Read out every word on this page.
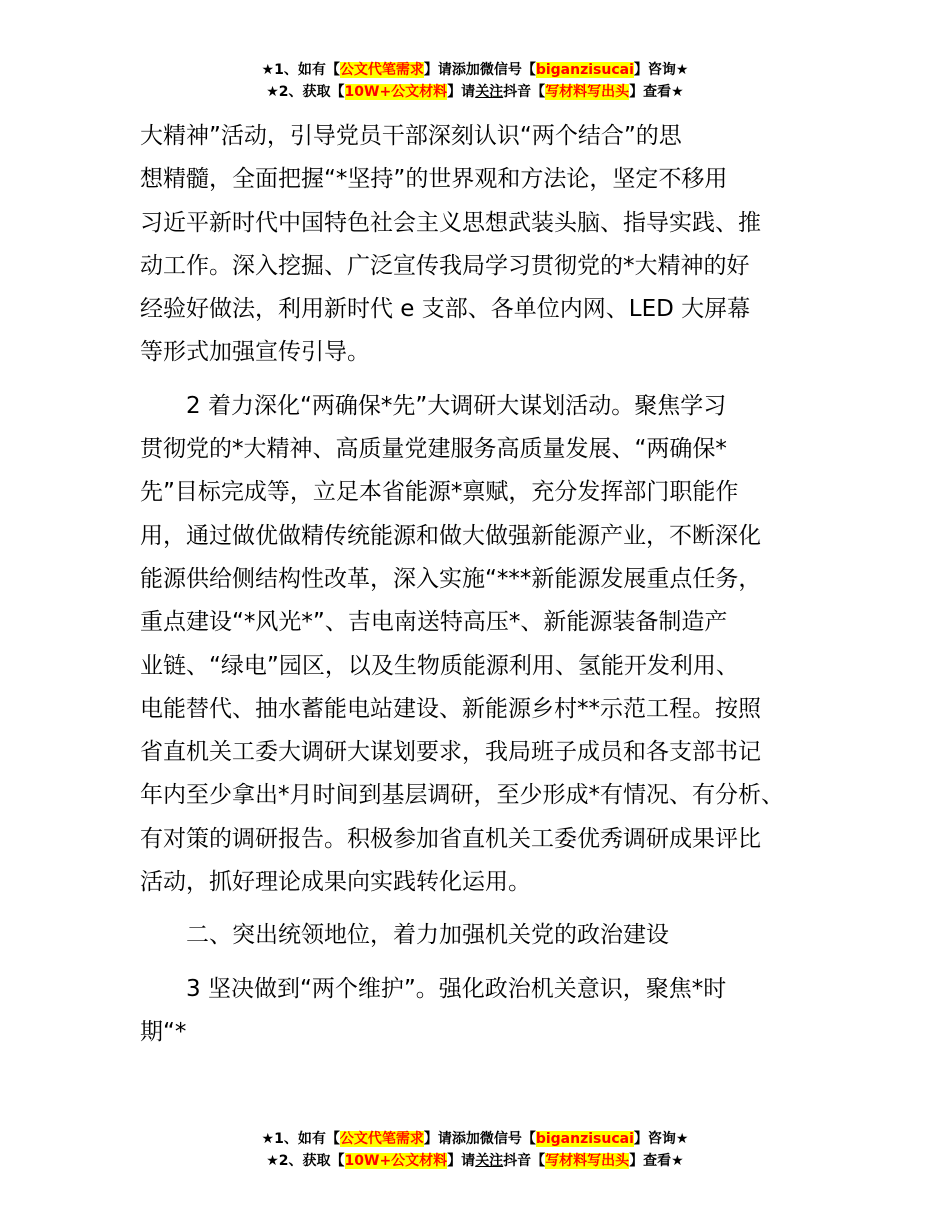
★1、如有【公文代笔需求】请添加微信号【biganzisucai】咨询★
★2、获取【10W+公文材料】请关注抖音【写材料写出头】查看★
大精神”活动，引导党员干部深刻认识“两个结合”的思
想精髓，全面把握“*坚持”的世界观和方法论，坚定不移用
习近平新时代中国特色社会主义思想武装头脑、指导实践、推
动工作。深入挖掘、广泛宣传我局学习贯彻党的*大精神的好
经验好做法，利用新时代 e 支部、各单位内网、LED 大屏幕
等形式加强宣传引导。
2 着力深化“两确保*先”大调研大谋划活动。聚焦学习
贯彻党的*大精神、高质量党建服务高质量发展、“两确保*
先”目标完成等，立足本省能源*禀赋，充分发挥部门职能作
用，通过做优做精传统能源和做大做强新能源产业，不断深化
能源供给侧结构性改革，深入实施“***新能源发展重点任务，
重点建设“*风光*”、吉电南送特高压*、新能源装备制造产
业链、“绿电”园区，以及生物质能源利用、氢能开发利用、
电能替代、抽水蓄能电站建设、新能源乡村**示范工程。按照
省直机关工委大调研大谋划要求，我局班子成员和各支部书记
年内至少拿出*月时间到基层调研，至少形成*有情况、有分析、
有对策的调研报告。积极参加省直机关工委优秀调研成果评比
活动，抓好理论成果向实践转化运用。
二、突出统领地位，着力加强机关党的政治建设
3 坚决做到“两个维护”。强化政治机关意识，聚焦*时
期“*
★1、如有【公文代笔需求】请添加微信号【biganzisucai】咨询★
★2、获取【10W+公文材料】请关注抖音【写材料写出头】查看★
